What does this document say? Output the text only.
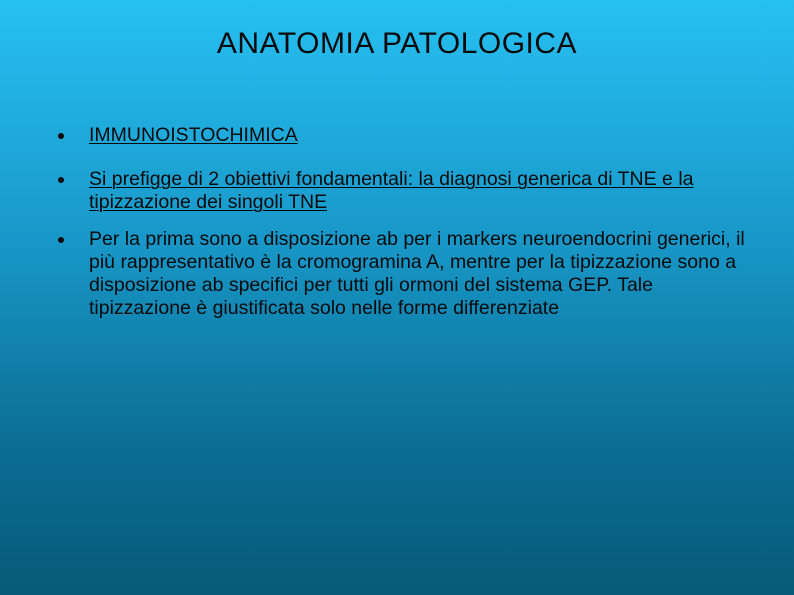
ANATOMIA PATOLOGICA
IMMUNOISTOCHIMICA
Si prefigge di 2 obiettivi fondamentali: la diagnosi generica di TNE e la tipizzazione dei singoli TNE
Per la prima sono a disposizione ab per i markers neuroendocrini generici, il più rappresentativo è la cromogramina A, mentre per la tipizzazione sono a disposizione ab specifici per tutti gli ormoni del sistema GEP. Tale tipizzazione è giustificata solo nelle forme differenziate
